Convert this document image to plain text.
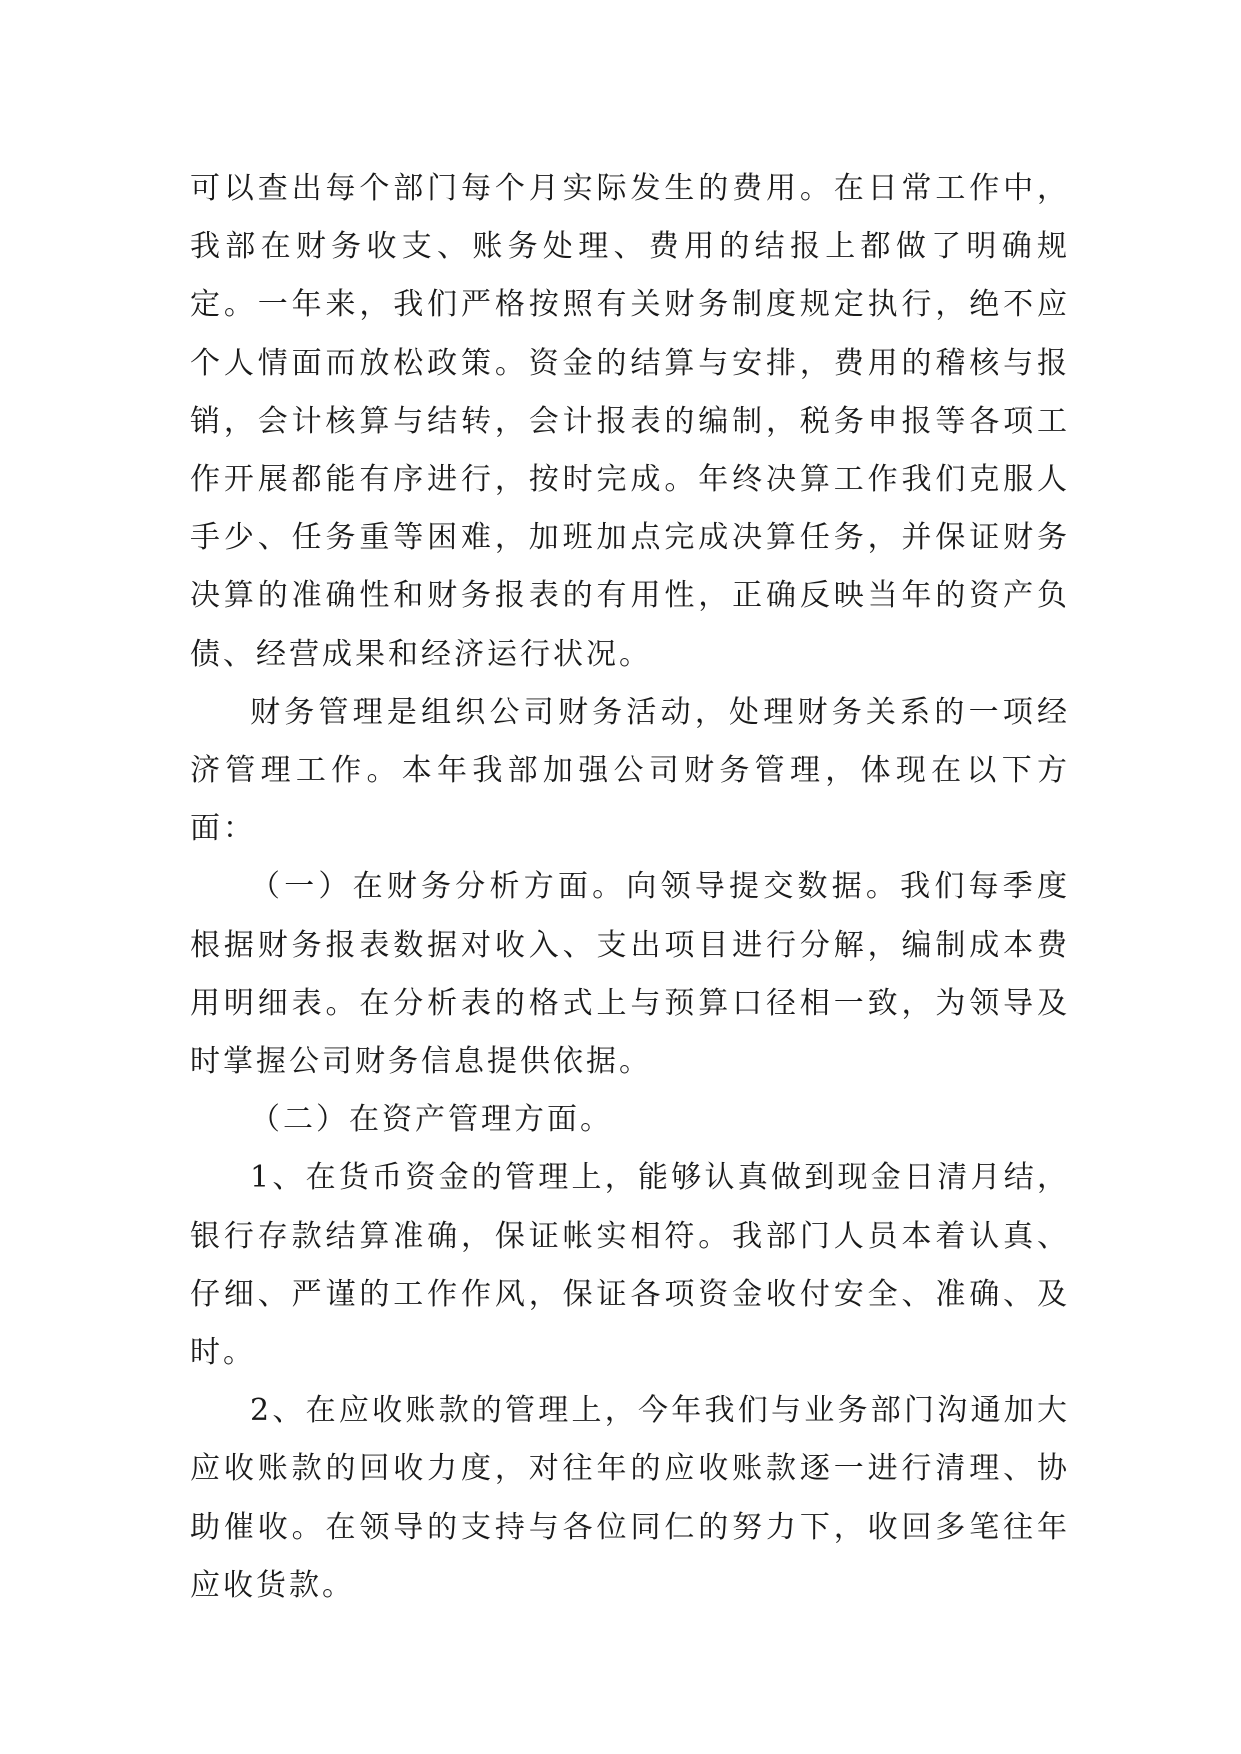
可以查出每个部门每个月实际发生的费用。在日常工作中，我部在财务收支、账务处理、费用的结报上都做了明确规定。一年来，我们严格按照有关财务制度规定执行，绝不应个人情面而放松政策。资金的结算与安排，费用的稽核与报销，会计核算与结转，会计报表的编制，税务申报等各项工作开展都能有序进行，按时完成。年终决算工作我们克服人手少、任务重等困难，加班加点完成决算任务，并保证财务决算的准确性和财务报表的有用性，正确反映当年的资产负债、经营成果和经济运行状况。

财务管理是组织公司财务活动，处理财务关系的一项经济管理工作。本年我部加强公司财务管理，体现在以下方面：

（一）在财务分析方面。向领导提交数据。我们每季度根据财务报表数据对收入、支出项目进行分解，编制成本费用明细表。在分析表的格式上与预算口径相一致，为领导及时掌握公司财务信息提供依据。

（二）在资产管理方面。

1、在货币资金的管理上，能够认真做到现金日清月结，银行存款结算准确，保证帐实相符。我部门人员本着认真、仔细、严谨的工作作风，保证各项资金收付安全、准确、及时。

2、在应收账款的管理上，今年我们与业务部门沟通加大应收账款的回收力度，对往年的应收账款逐一进行清理、协助催收。在领导的支持与各位同仁的努力下，收回多笔往年应收货款。
